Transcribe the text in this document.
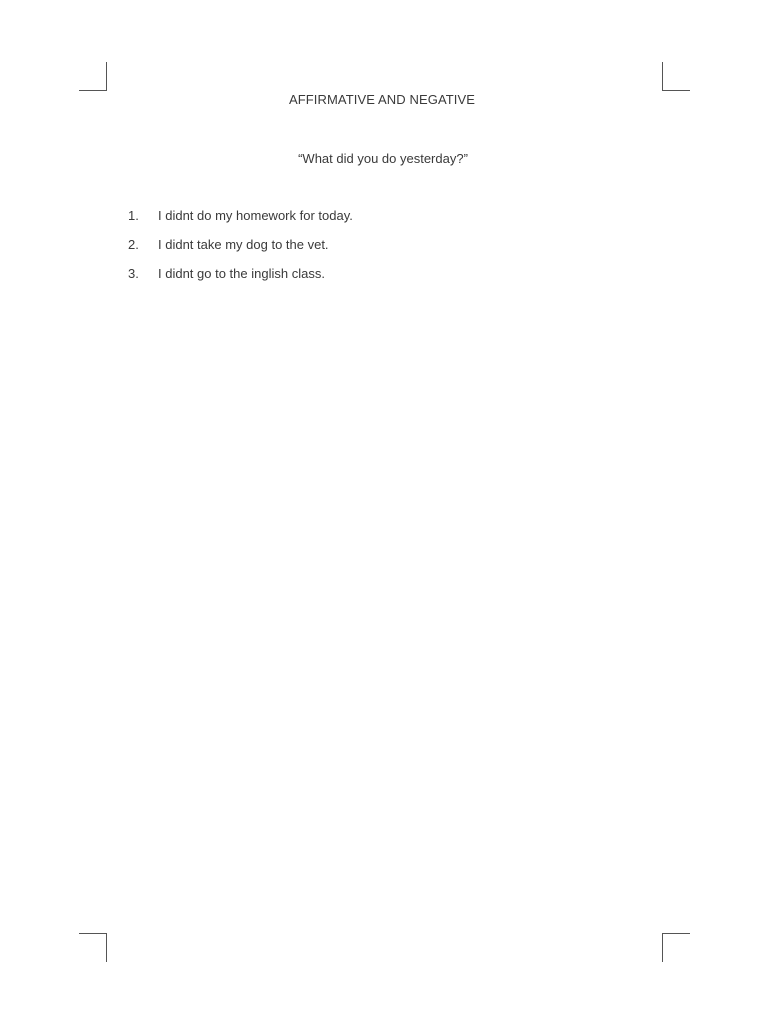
AFFIRMATIVE AND NEGATIVE
“What did you do yesterday?”
1.	I didnt do my homework for today.
2.	I didnt take my dog to the vet.
3.	I didnt go to the inglish class.
